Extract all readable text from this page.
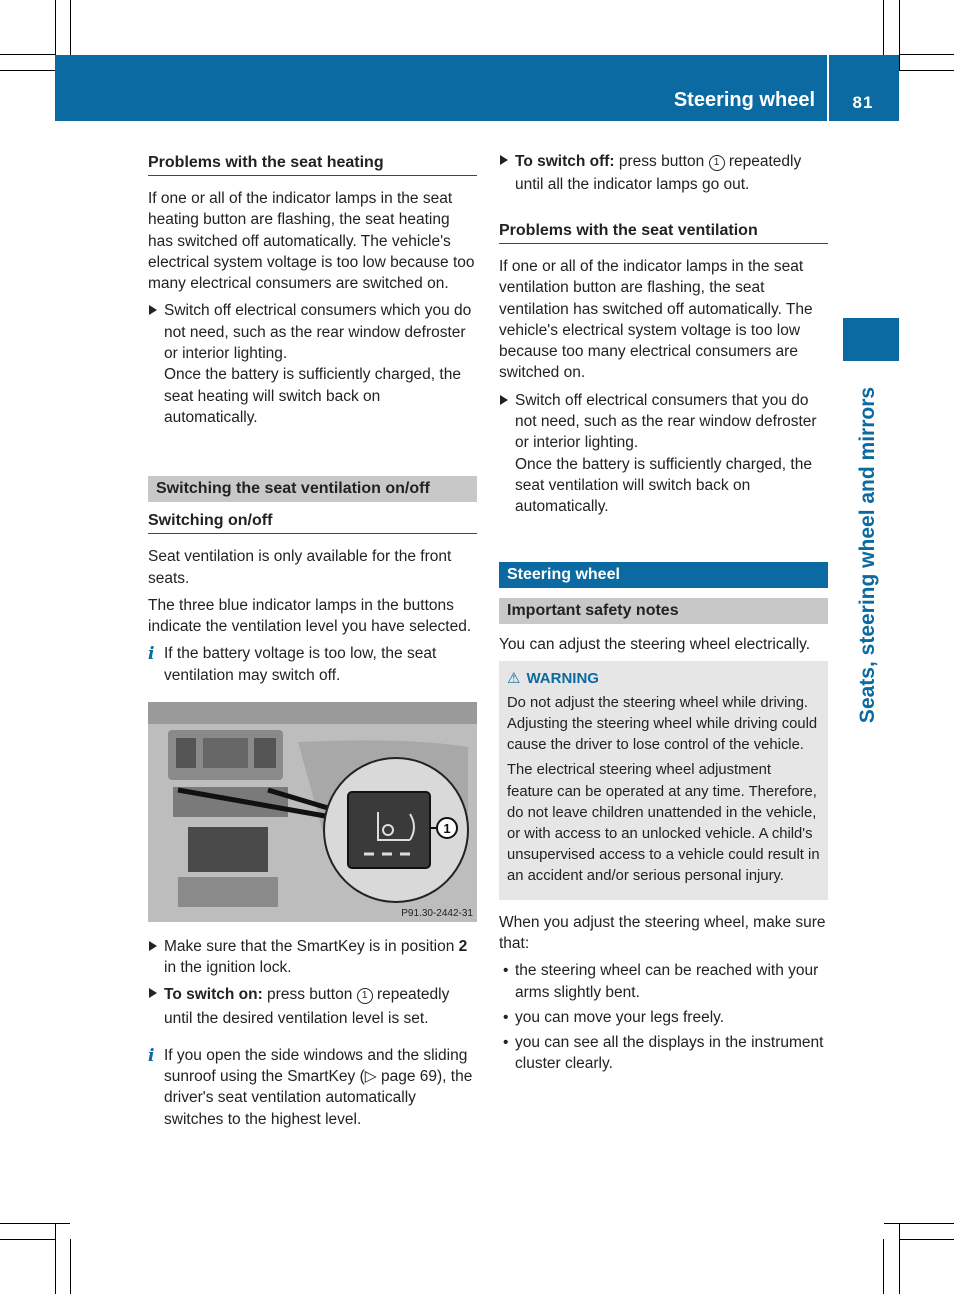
Steering wheel	81
Seats, steering wheel and mirrors
Problems with the seat heating

If one or all of the indicator lamps in the seat heating button are flashing, the seat heating has switched off automatically. The vehicle's electrical system voltage is too low because too many electrical consumers are switched on.

Switch off electrical consumers which you do not need, such as the rear window defroster or interior lighting.
Once the battery is sufficiently charged, the seat heating will switch back on automatically.
Switching the seat ventilation on/off
Switching on/off

Seat ventilation is only available for the front seats.

The three blue indicator lamps in the buttons indicate the ventilation level you have selected.

i If the battery voltage is too low, the seat ventilation may switch off.
1
P91.30-2442-31
Make sure that the SmartKey is in position 2 in the ignition lock.
To switch on: press button 1 repeatedly until the desired ventilation level is set.
i If you open the side windows and the sliding sunroof using the SmartKey (▷ page 69), the driver's seat ventilation automatically switches to the highest level.
To switch off: press button 1 repeatedly until all the indicator lamps go out.
Problems with the seat ventilation

If one or all of the indicator lamps in the seat ventilation button are flashing, the seat ventilation has switched off automatically. The vehicle's electrical system voltage is too low because too many electrical consumers are switched on.

Switch off electrical consumers that you do not need, such as the rear window defroster or interior lighting.
Once the battery is sufficiently charged, the seat ventilation will switch back on automatically.
Steering wheel
Important safety notes

You can adjust the steering wheel electrically.

⚠ WARNING

Do not adjust the steering wheel while driving. Adjusting the steering wheel while driving could cause the driver to lose control of the vehicle.

The electrical steering wheel adjustment feature can be operated at any time. Therefore, do not leave children unattended in the vehicle, or with access to an unlocked vehicle. A child's unsupervised access to a vehicle could result in an accident and/or serious personal injury.

When you adjust the steering wheel, make sure that:

• the steering wheel can be reached with your arms slightly bent.
• you can move your legs freely.
• you can see all the displays in the instrument cluster clearly.
